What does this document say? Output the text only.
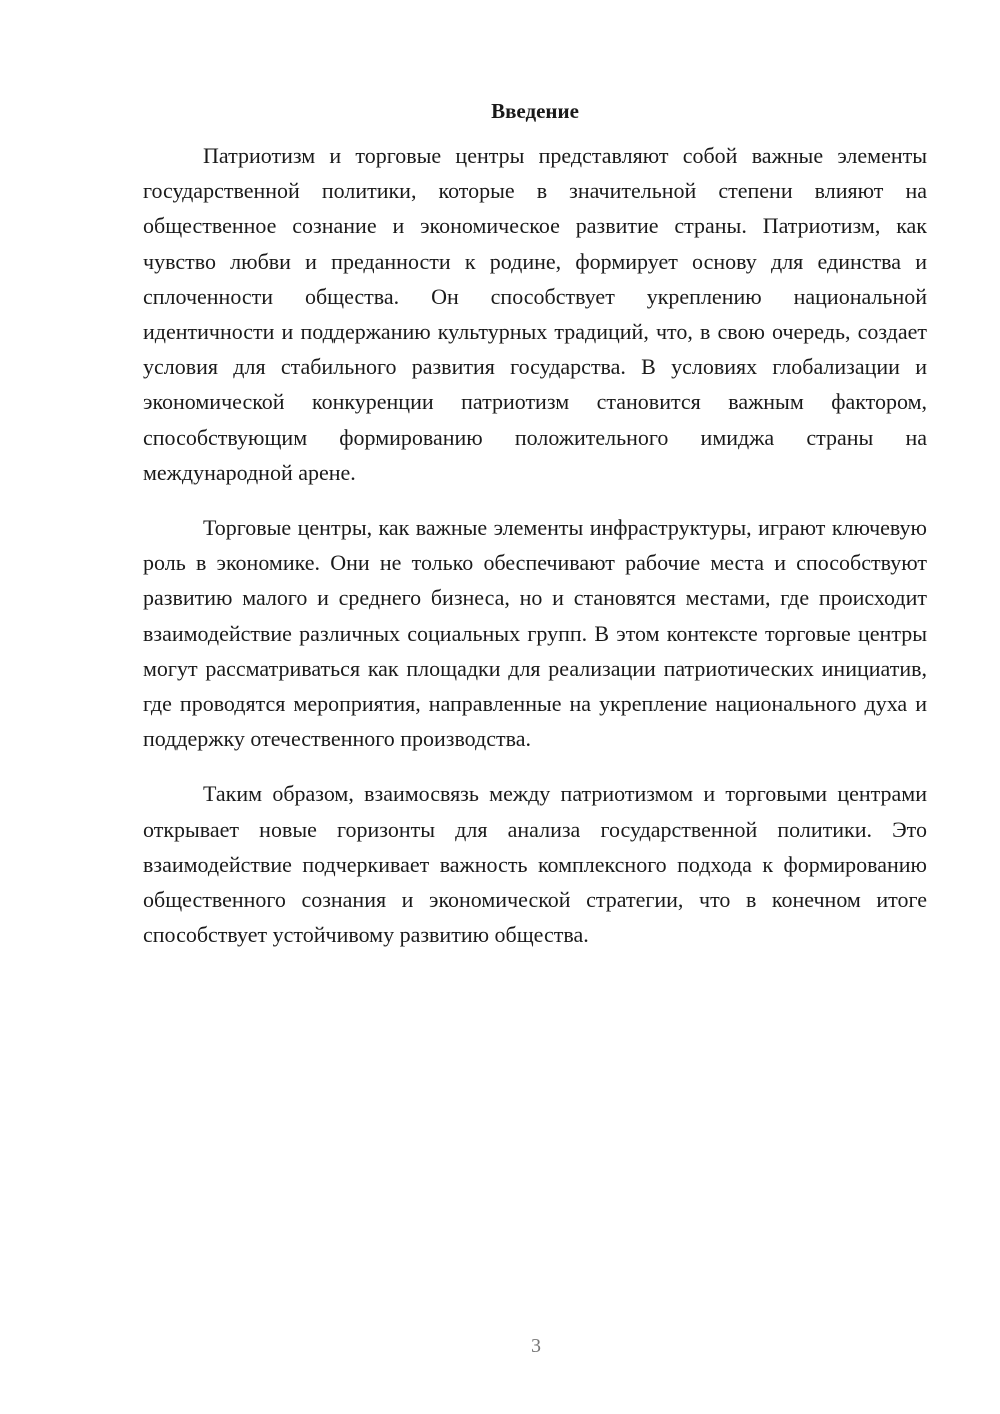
Введение

Патриотизм и торговые центры представляют собой важные элементы государственной политики, которые в значительной степени влияют на общественное сознание и экономическое развитие страны. Патриотизм, как чувство любви и преданности к родине, формирует основу для единства и сплоченности общества. Он способствует укреплению национальной идентичности и поддержанию культурных традиций, что, в свою очередь, создает условия для стабильного развития государства. В условиях глобализации и экономической конкуренции патриотизм становится важным фактором, способствующим формированию положительного имиджа страны на международной арене.

Торговые центры, как важные элементы инфраструктуры, играют ключевую роль в экономике. Они не только обеспечивают рабочие места и способствуют развитию малого и среднего бизнеса, но и становятся местами, где происходит взаимодействие различных социальных групп. В этом контексте торговые центры могут рассматриваться как площадки для реализации патриотических инициатив, где проводятся мероприятия, направленные на укрепление национального духа и поддержку отечественного производства.

Таким образом, взаимосвязь между патриотизмом и торговыми центрами открывает новые горизонты для анализа государственной политики. Это взаимодействие подчеркивает важность комплексного подхода к формированию общественного сознания и экономической стратегии, что в конечном итоге способствует устойчивому развитию общества.

3
